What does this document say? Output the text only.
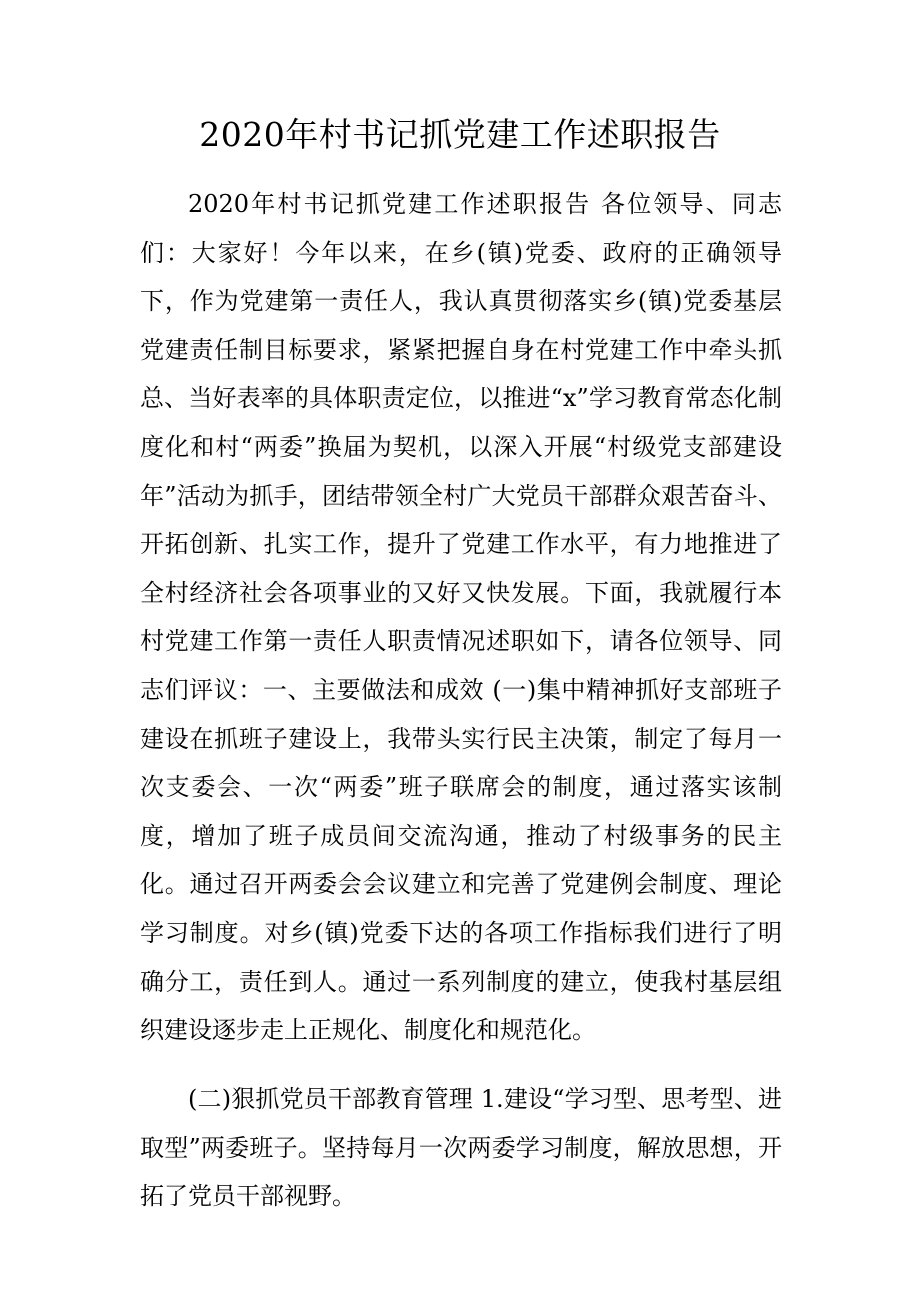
2020年村书记抓党建工作述职报告

2020年村书记抓党建工作述职报告 各位领导、同志们：大家好！今年以来，在乡(镇)党委、政府的正确领导下，作为党建第一责任人，我认真贯彻落实乡(镇)党委基层党建责任制目标要求，紧紧把握自身在村党建工作中牵头抓总、当好表率的具体职责定位，以推进“x”学习教育常态化制度化和村“两委”换届为契机，以深入开展“村级党支部建设年”活动为抓手，团结带领全村广大党员干部群众艰苦奋斗、开拓创新、扎实工作，提升了党建工作水平，有力地推进了全村经济社会各项事业的又好又快发展。下面，我就履行本村党建工作第一责任人职责情况述职如下，请各位领导、同志们评议：一、主要做法和成效 (一)集中精神抓好支部班子建设在抓班子建设上，我带头实行民主决策，制定了每月一次支委会、一次“两委”班子联席会的制度，通过落实该制度，增加了班子成员间交流沟通，推动了村级事务的民主化。通过召开两委会会议建立和完善了党建例会制度、理论学习制度。对乡(镇)党委下达的各项工作指标我们进行了明确分工，责任到人。通过一系列制度的建立，使我村基层组织建设逐步走上正规化、制度化和规范化。

(二)狠抓党员干部教育管理 1.建设“学习型、思考型、进取型”两委班子。坚持每月一次两委学习制度，解放思想，开拓了党员干部视野。
